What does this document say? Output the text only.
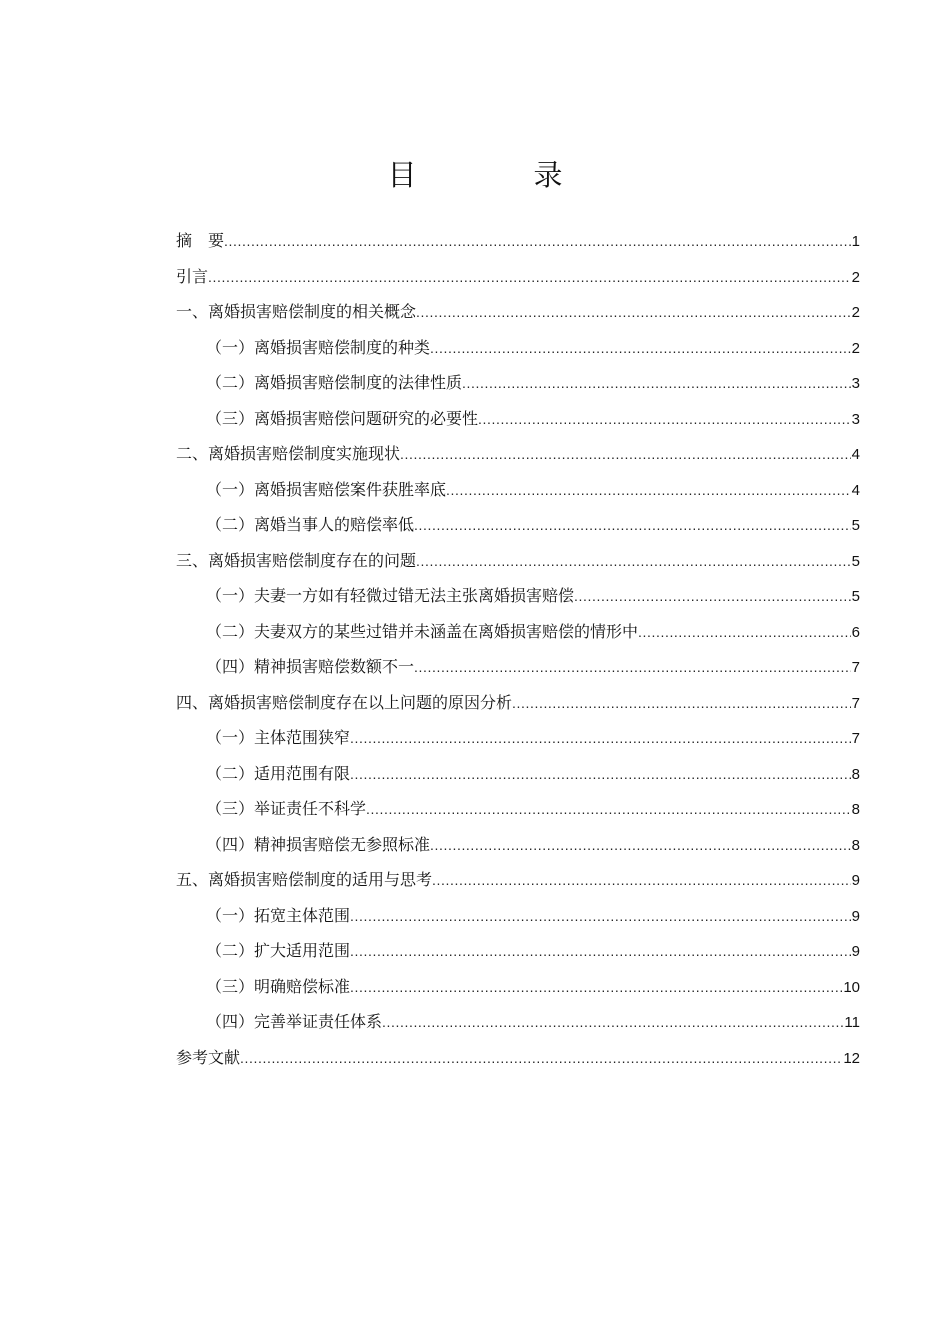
目　录
摘　要 .....	1
引言 .....	2
一、离婚损害赔偿制度的相关概念 .....	2
（一）离婚损害赔偿制度的种类 .....	2
（二）离婚损害赔偿制度的法律性质 .....	3
（三）离婚损害赔偿问题研究的必要性 .....	3
二、离婚损害赔偿制度实施现状 .....	4
（一）离婚损害赔偿案件获胜率底 .....	4
（二）离婚当事人的赔偿率低 .....	5
三、离婚损害赔偿制度存在的问题 .....	5
（一）夫妻一方如有轻微过错无法主张离婚损害赔偿 .....	5
（二）夫妻双方的某些过错并未涵盖在离婚损害赔偿的情形中 .....	6
（四）精神损害赔偿数额不一 .....	7
四、离婚损害赔偿制度存在以上问题的原因分析 .....	7
（一）主体范围狭窄 .....	7
（二）适用范围有限 .....	8
（三）举证责任不科学 .....	8
（四）精神损害赔偿无参照标准 .....	8
五、离婚损害赔偿制度的适用与思考 .....	9
（一）拓宽主体范围 .....	9
（二）扩大适用范围 .....	9
（三）明确赔偿标准 .....	10
（四）完善举证责任体系 .....	11
参考文献 .....	12
